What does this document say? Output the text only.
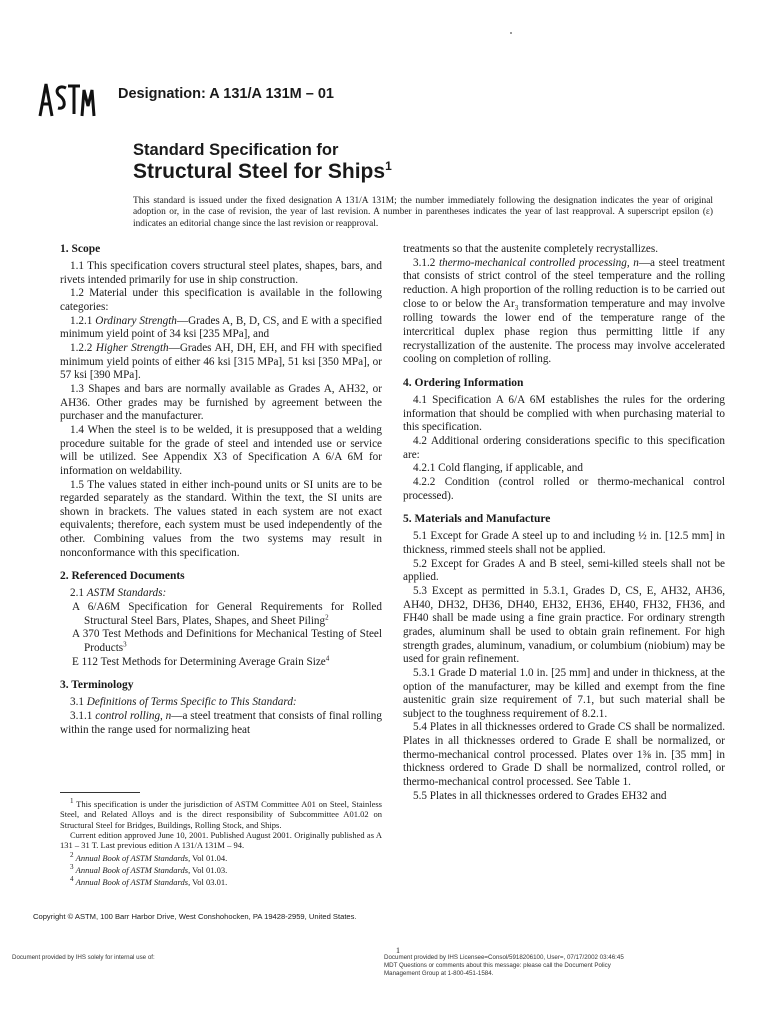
Designation: A 131/A 131M – 01
Standard Specification for
Structural Steel for Ships$^1$
This standard is issued under the fixed designation A 131/A 131M; the number immediately following the designation indicates the year of original adoption or, in the case of revision, the year of last revision. A number in parentheses indicates the year of last reapproval. A superscript epsilon (ε) indicates an editorial change since the last revision or reapproval.
1. Scope

1.1 This specification covers structural steel plates, shapes, bars, and rivets intended primarily for use in ship construction.

1.2 Material under this specification is available in the following categories:

1.2.1 Ordinary Strength—Grades A, B, D, CS, and E with a specified minimum yield point of 34 ksi [235 MPa], and

1.2.2 Higher Strength—Grades AH, DH, EH, and FH with specified minimum yield points of either 46 ksi [315 MPa], 51 ksi [350 MPa], or 57 ksi [390 MPa].

1.3 Shapes and bars are normally available as Grades A, AH32, or AH36. Other grades may be furnished by agreement between the purchaser and the manufacturer.

1.4 When the steel is to be welded, it is presupposed that a welding procedure suitable for the grade of steel and intended use or service will be utilized. See Appendix X3 of Specification A 6/A 6M for information on weldability.

1.5 The values stated in either inch-pound units or SI units are to be regarded separately as the standard. Within the text, the SI units are shown in brackets. The values stated in each system are not exact equivalents; therefore, each system must be used independently of the other. Combining values from the two systems may result in nonconformance with this specification.

2. Referenced Documents

2.1 ASTM Standards:

A 6/A6M Specification for General Requirements for Rolled Structural Steel Bars, Plates, Shapes, and Sheet Piling$^2$

A 370 Test Methods and Definitions for Mechanical Testing of Steel Products$^3$

E 112 Test Methods for Determining Average Grain Size$^4$

3. Terminology

3.1 Definitions of Terms Specific to This Standard:

3.1.1 control rolling, n—a steel treatment that consists of final rolling within the range used for normalizing heat

$^1$ This specification is under the jurisdiction of ASTM Committee A01 on Steel, Stainless Steel, and Related Alloys and is the direct responsibility of Subcommittee A01.02 on Structural Steel for Bridges, Buildings, Rolling Stock, and Ships.

Current edition approved June 10, 2001. Published August 2001. Originally published as A 131 – 31 T. Last previous edition A 131/A 131M – 94.

$^2$ Annual Book of ASTM Standards, Vol 01.04.

$^3$ Annual Book of ASTM Standards, Vol 01.03.

$^4$ Annual Book of ASTM Standards, Vol 03.01.

treatments so that the austenite completely recrystallizes.

3.1.2 thermo-mechanical controlled processing, n—a steel treatment that consists of strict control of the steel temperature and the rolling reduction. A high proportion of the rolling reduction is to be carried out close to or below the $Ar_3$ transformation temperature and may involve rolling towards the lower end of the temperature range of the intercritical duplex phase region thus permitting little if any recrystallization of the austenite. The process may involve accelerated cooling on completion of rolling.

4. Ordering Information

4.1 Specification A 6/A 6M establishes the rules for the ordering information that should be complied with when purchasing material to this specification.

4.2 Additional ordering considerations specific to this specification are:

4.2.1 Cold flanging, if applicable, and

4.2.2 Condition (control rolled or thermo-mechanical control processed).

5. Materials and Manufacture

5.1 Except for Grade A steel up to and including ½ in. [12.5 mm] in thickness, rimmed steels shall not be applied.

5.2 Except for Grades A and B steel, semi-killed steels shall not be applied.

5.3 Except as permitted in 5.3.1, Grades D, CS, E, AH32, AH36, AH40, DH32, DH36, DH40, EH32, EH36, EH40, FH32, FH36, and FH40 shall be made using a fine grain practice. For ordinary strength grades, aluminum shall be used to obtain grain refinement. For high strength grades, aluminum, vanadium, or columbium (niobium) may be used for grain refinement.

5.3.1 Grade D material 1.0 in. [25 mm] and under in thickness, at the option of the manufacturer, may be killed and exempt from the fine austenitic grain size requirement of 7.1, but such material shall be subject to the toughness requirement of 8.2.1.

5.4 Plates in all thicknesses ordered to Grade CS shall be normalized. Plates in all thicknesses ordered to Grade E shall be normalized, or thermo-mechanical control processed. Plates over 1⅜ in. [35 mm] in thickness ordered to Grade D shall be normalized, control rolled, or thermo-mechanical control processed. See Table 1.

5.5 Plates in all thicknesses ordered to Grades EH32 and

Copyright © ASTM, 100 Barr Harbor Drive, West Conshohocken, PA 19428-2959, United States.
1
Document provided by IHS solely for internal use of:	Document provided by IHS Licensee=Consol/5918206100, User=, 07/17/2002 03:46:45
MDT Questions or comments about this message: please call the Document Policy
Management Group at 1-800-451-1584.
